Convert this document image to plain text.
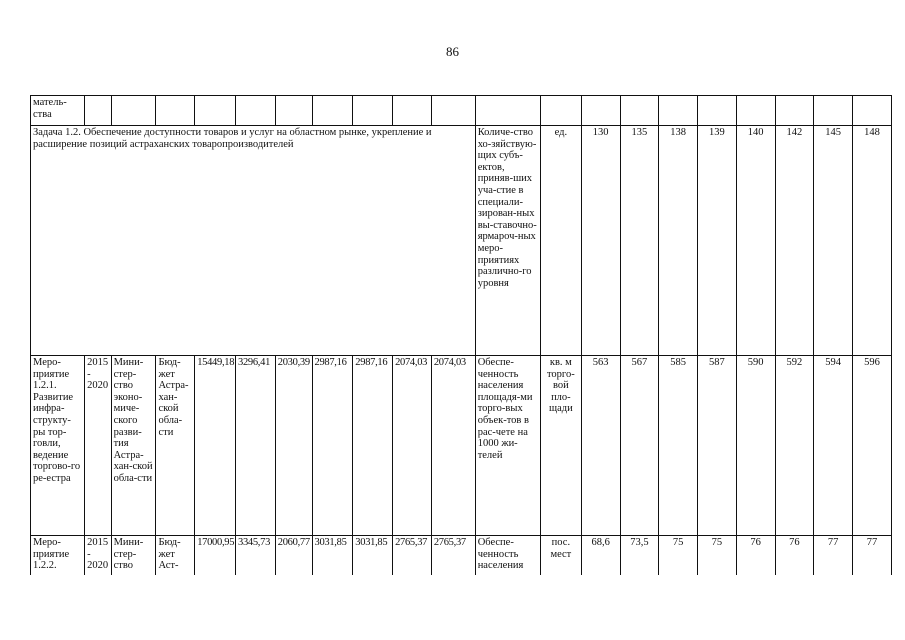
86
матель-ства																				
Задача 1.2. Обеспечение доступности товаров и услуг на областном рынке, укрепление и расширение позиций астраханских товаропроизводителей											Количе-ство хо-зяйствую-щих субъ-ектов, приняв-ших уча-стие в специали-зирован-ных вы-ставочно-ярмароч-ных меро-приятиях различно-го уровня	ед.	130	135	138	139	140	142	145	148
Меро-приятие 1.2.1. Развитие инфра-структу-ры тор-говли, ведение торгово-го ре-естра	2015 - 2020	Мини-стер-ство эконо-миче-ского разви-тия Астра-хан-ской обла-сти	Бюд-жет Астра-хан-ской обла-сти	15449,18	3296,41	2030,39	2987,16	2987,16	2074,03	2074,03	Обеспе-ченность населения площадя-ми торго-вых объек-тов в рас-чете на 1000 жи-телей	кв. м торго-вой пло-щади	563	567	585	587	590	592	594	596
Меро-приятие 1.2.2.	2015 - 2020	Мини-стер-ство	Бюд-жет Аст-	17000,95	3345,73	2060,77	3031,85	3031,85	2765,37	2765,37	Обеспе-ченность населения	пос. мест	68,6	73,5	75	75	76	76	77	77
